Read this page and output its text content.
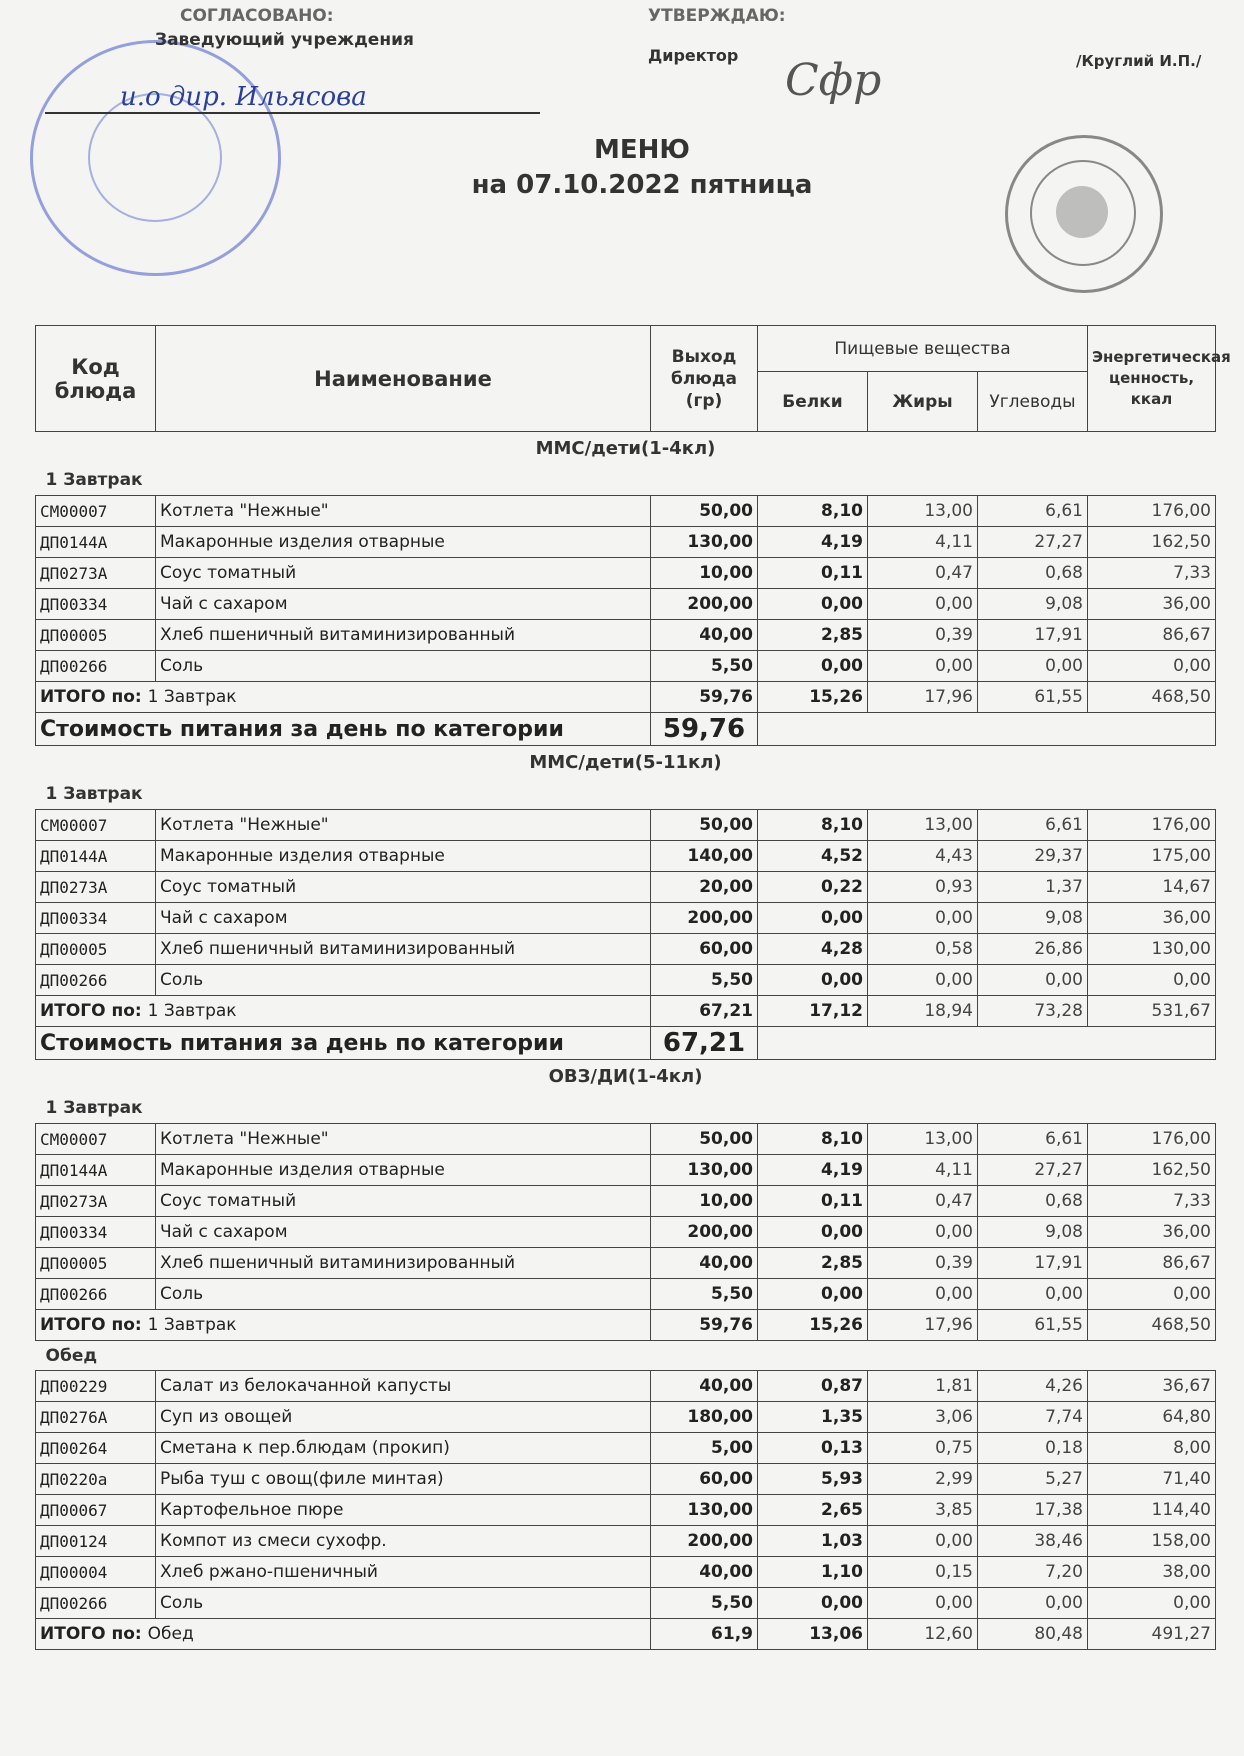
СОГЛАСОВАНО:
Заведующий учреждения
и.о дир. Ильясова
УТВЕРЖДАЮ:
Директор Сфр	/Круглий И.П./
МЕНЮ
на 07.10.2022 пятница
Код блюда	Наименование	Выход блюда (гр)	Пищевые вещества			Энергетическая ценность, ккал
			Белки	Жиры	Углеводы	
ММС/дети(1-4кл)						
1 Завтрак						
СМ00007	Котлета "Нежные"	50,00	8,10	13,00	6,61	176,00
ДП0144А	Макаронные изделия отварные	130,00	4,19	4,11	27,27	162,50
ДП0273А	Соус томатный	10,00	0,11	0,47	0,68	7,33
ДП00334	Чай с сахаром	200,00	0,00	0,00	9,08	36,00
ДП00005	Хлеб пшеничный витаминизированный	40,00	2,85	0,39	17,91	86,67
ДП00266	Соль	5,50	0,00	0,00	0,00	0,00
ИТОГО по: 1 Завтрак		59,76	15,26	17,96	61,55	468,50
Стоимость питания за день по категории		59,76				
ММС/дети(5-11кл)						
1 Завтрак						
СМ00007	Котлета "Нежные"	50,00	8,10	13,00	6,61	176,00
ДП0144А	Макаронные изделия отварные	140,00	4,52	4,43	29,37	175,00
ДП0273А	Соус томатный	20,00	0,22	0,93	1,37	14,67
ДП00334	Чай с сахаром	200,00	0,00	0,00	9,08	36,00
ДП00005	Хлеб пшеничный витаминизированный	60,00	4,28	0,58	26,86	130,00
ДП00266	Соль	5,50	0,00	0,00	0,00	0,00
ИТОГО по: 1 Завтрак		67,21	17,12	18,94	73,28	531,67
Стоимость питания за день по категории		67,21				
ОВЗ/ДИ(1-4кл)						
1 Завтрак						
СМ00007	Котлета "Нежные"	50,00	8,10	13,00	6,61	176,00
ДП0144А	Макаронные изделия отварные	130,00	4,19	4,11	27,27	162,50
ДП0273А	Соус томатный	10,00	0,11	0,47	0,68	7,33
ДП00334	Чай с сахаром	200,00	0,00	0,00	9,08	36,00
ДП00005	Хлеб пшеничный витаминизированный	40,00	2,85	0,39	17,91	86,67
ДП00266	Соль	5,50	0,00	0,00	0,00	0,00
ИТОГО по: 1 Завтрак		59,76	15,26	17,96	61,55	468,50
Обед						
ДП00229	Салат из белокачанной капусты	40,00	0,87	1,81	4,26	36,67
ДП0276А	Суп из овощей	180,00	1,35	3,06	7,74	64,80
ДП00264	Сметана к пер.блюдам (прокип)	5,00	0,13	0,75	0,18	8,00
ДП0220а	Рыба туш с овощ(филе минтая)	60,00	5,93	2,99	5,27	71,40
ДП00067	Картофельное пюре	130,00	2,65	3,85	17,38	114,40
ДП00124	Компот из смеси сухофр.	200,00	1,03	0,00	38,46	158,00
ДП00004	Хлеб ржано-пшеничный	40,00	1,10	0,15	7,20	38,00
ДП00266	Соль	5,50	0,00	0,00	0,00	0,00
ИТОГО по: Обед		61,9	13,06	12,60	80,48	491,27
